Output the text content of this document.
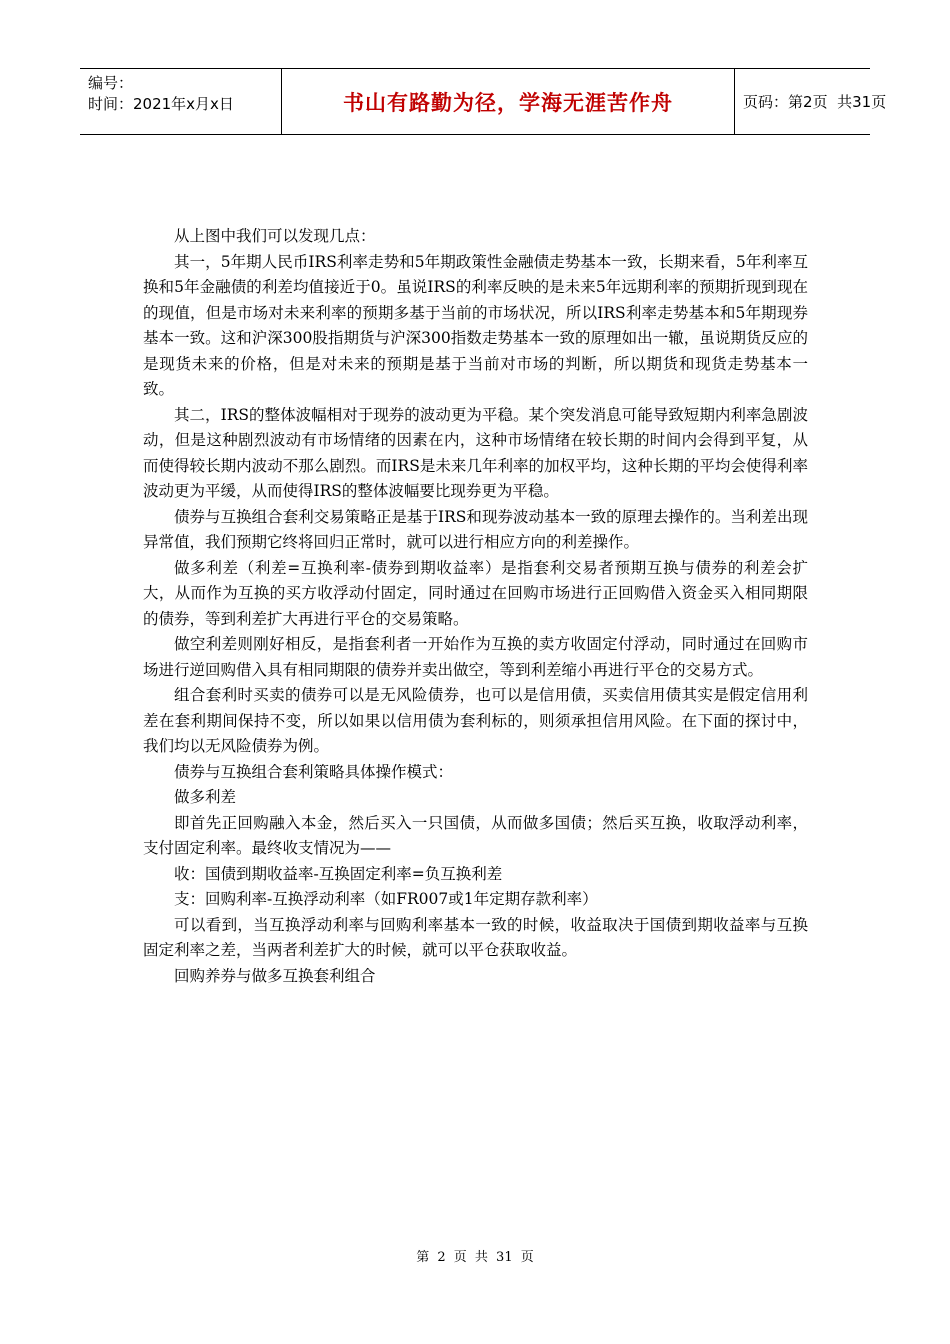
编号：
时间：2021年x月x日	书山有路勤为径，学海无涯苦作舟	页码：第 2 页  共 31 页

从上图中我们可以发现几点：

其一，5年期人民币IRS利率走势和5年期政策性金融债走势基本一致，长期来看，5年利率互换和5年金融债的利差均值接近于0。虽说IRS的利率反映的是未来5年远期利率的预期折现到现在的现值，但是市场对未来利率的预期多基于当前的市场状况，所以IRS利率走势基本和5年期现券基本一致。这和沪深300股指期货与沪深300指数走势基本一致的原理如出一辙，虽说期货反应的是现货未来的价格，但是对未来的预期是基于当前对市场的判断，所以期货和现货走势基本一致。

其二，IRS的整体波幅相对于现券的波动更为平稳。某个突发消息可能导致短期内利率急剧波动，但是这种剧烈波动有市场情绪的因素在内，这种市场情绪在较长期的时间内会得到平复，从而使得较长期内波动不那么剧烈。而IRS是未来几年利率的加权平均，这种长期的平均会使得利率波动更为平缓，从而使得IRS的整体波幅要比现券更为平稳。

债券与互换组合套利交易策略正是基于IRS和现券波动基本一致的原理去操作的。当利差出现异常值，我们预期它终将回归正常时，就可以进行相应方向的利差操作。

做多利差（利差=互换利率-债券到期收益率）是指套利交易者预期互换与债券的利差会扩大，从而作为互换的买方收浮动付固定，同时通过在回购市场进行正回购借入资金买入相同期限的债券，等到利差扩大再进行平仓的交易策略。

做空利差则刚好相反，是指套利者一开始作为互换的卖方收固定付浮动，同时通过在回购市场进行逆回购借入具有相同期限的债券并卖出做空，等到利差缩小再进行平仓的交易方式。

组合套利时买卖的债券可以是无风险债券，也可以是信用债，买卖信用债其实是假定信用利差在套利期间保持不变，所以如果以信用债为套利标的，则须承担信用风险。在下面的探讨中，我们均以无风险债券为例。

债券与互换组合套利策略具体操作模式：

做多利差

即首先正回购融入本金，然后买入一只国债，从而做多国债；然后买互换，收取浮动利率，支付固定利率。最终收支情况为——

收：国债到期收益率-互换固定利率=负互换利差

支：回购利率-互换浮动利率（如FR007或1年定期存款利率）

可以看到，当互换浮动利率与回购利率基本一致的时候，收益取决于国债到期收益率与互换固定利率之差，当两者利差扩大的时候，就可以平仓获取收益。

回购养券与做多互换套利组合

第 2 页 共 31 页
